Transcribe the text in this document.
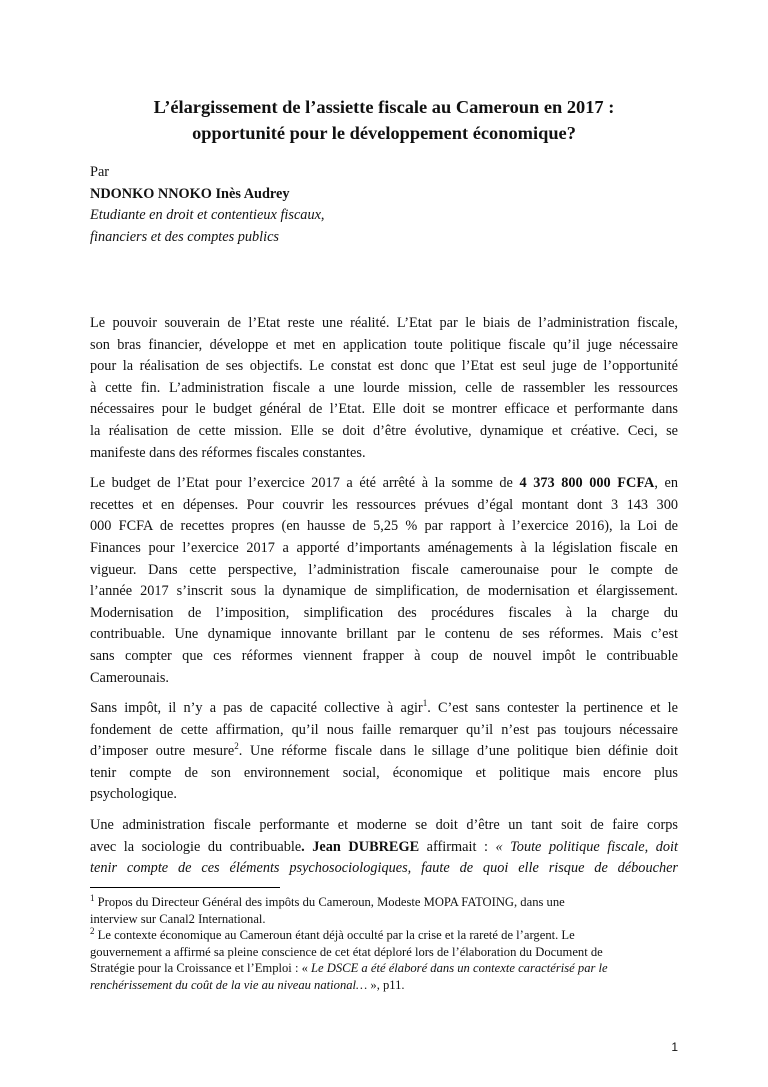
L’élargissement de l’assiette fiscale au Cameroun en 2017 :
opportunité pour le développement économique?
Par
NDONKO NNOKO Inès Audrey
Etudiante en droit et contentieux fiscaux,
financiers et des comptes publics

Le pouvoir souverain de l’Etat reste une réalité. L’Etat par le biais de l’administration fiscale,
son bras financier, développe et met en application toute politique fiscale qu’il juge nécessaire
pour la réalisation de ses objectifs. Le constat est donc que l’Etat est seul juge de l’opportunité
à cette fin. L’administration fiscale a une lourde mission, celle de rassembler les ressources
nécessaires pour le budget général de l’Etat. Elle doit se montrer efficace et performante dans
la réalisation de cette mission. Elle se doit d’être évolutive, dynamique et créative. Ceci, se
manifeste dans des réformes fiscales constantes.

Le budget de l’Etat pour l’exercice 2017 a été arrêté à la somme de 4 373 800 000 FCFA, en
recettes et en dépenses. Pour couvrir les ressources prévues d’égal montant dont 3 143 300
000 FCFA de recettes propres (en hausse de 5,25 % par rapport à l’exercice 2016), la Loi de
Finances pour l’exercice 2017 a apporté d’importants aménagements à la législation fiscale en
vigueur. Dans cette perspective, l’administration fiscale camerounaise pour le compte de
l’année 2017 s’inscrit sous la dynamique de simplification, de modernisation et élargissement.
Modernisation de l’imposition, simplification des procédures fiscales à la charge du
contribuable. Une dynamique innovante brillant par le contenu de ses réformes. Mais c’est
sans compter que ces réformes viennent frapper à coup de nouvel impôt le contribuable
Camerounais.

Sans impôt, il n’y a pas de capacité collective à agir$^1$. C’est sans contester la pertinence et le
fondement de cette affirmation, qu’il nous faille remarquer qu’il n’est pas toujours nécessaire
d’imposer outre mesure$^2$. Une réforme fiscale dans le sillage d’une politique bien définie doit
tenir compte de son environnement social, économique et politique mais encore plus
psychologique.

Une administration fiscale performante et moderne se doit d’être un tant soit de faire corps
avec la sociologie du contribuable. Jean DUBREGE affirmait : « Toute politique fiscale, doit
tenir compte de ces éléments psychosociologiques, faute de quoi elle risque de déboucher

$^1$ Propos du Directeur Général des impôts du Cameroun, Modeste MOPA FATOING, dans une
interview sur Canal2 International.
$^2$ Le contexte économique au Cameroun étant déjà occulté par la crise et la rareté de l’argent. Le
gouvernement a affirmé sa pleine conscience de cet état déploré lors de l’élaboration du Document de
Stratégie pour la Croissance et l’Emploi : « Le DSCE a été élaboré dans un contexte caractérisé par le
renchérissement du coût de la vie au niveau national… », p11.
1
